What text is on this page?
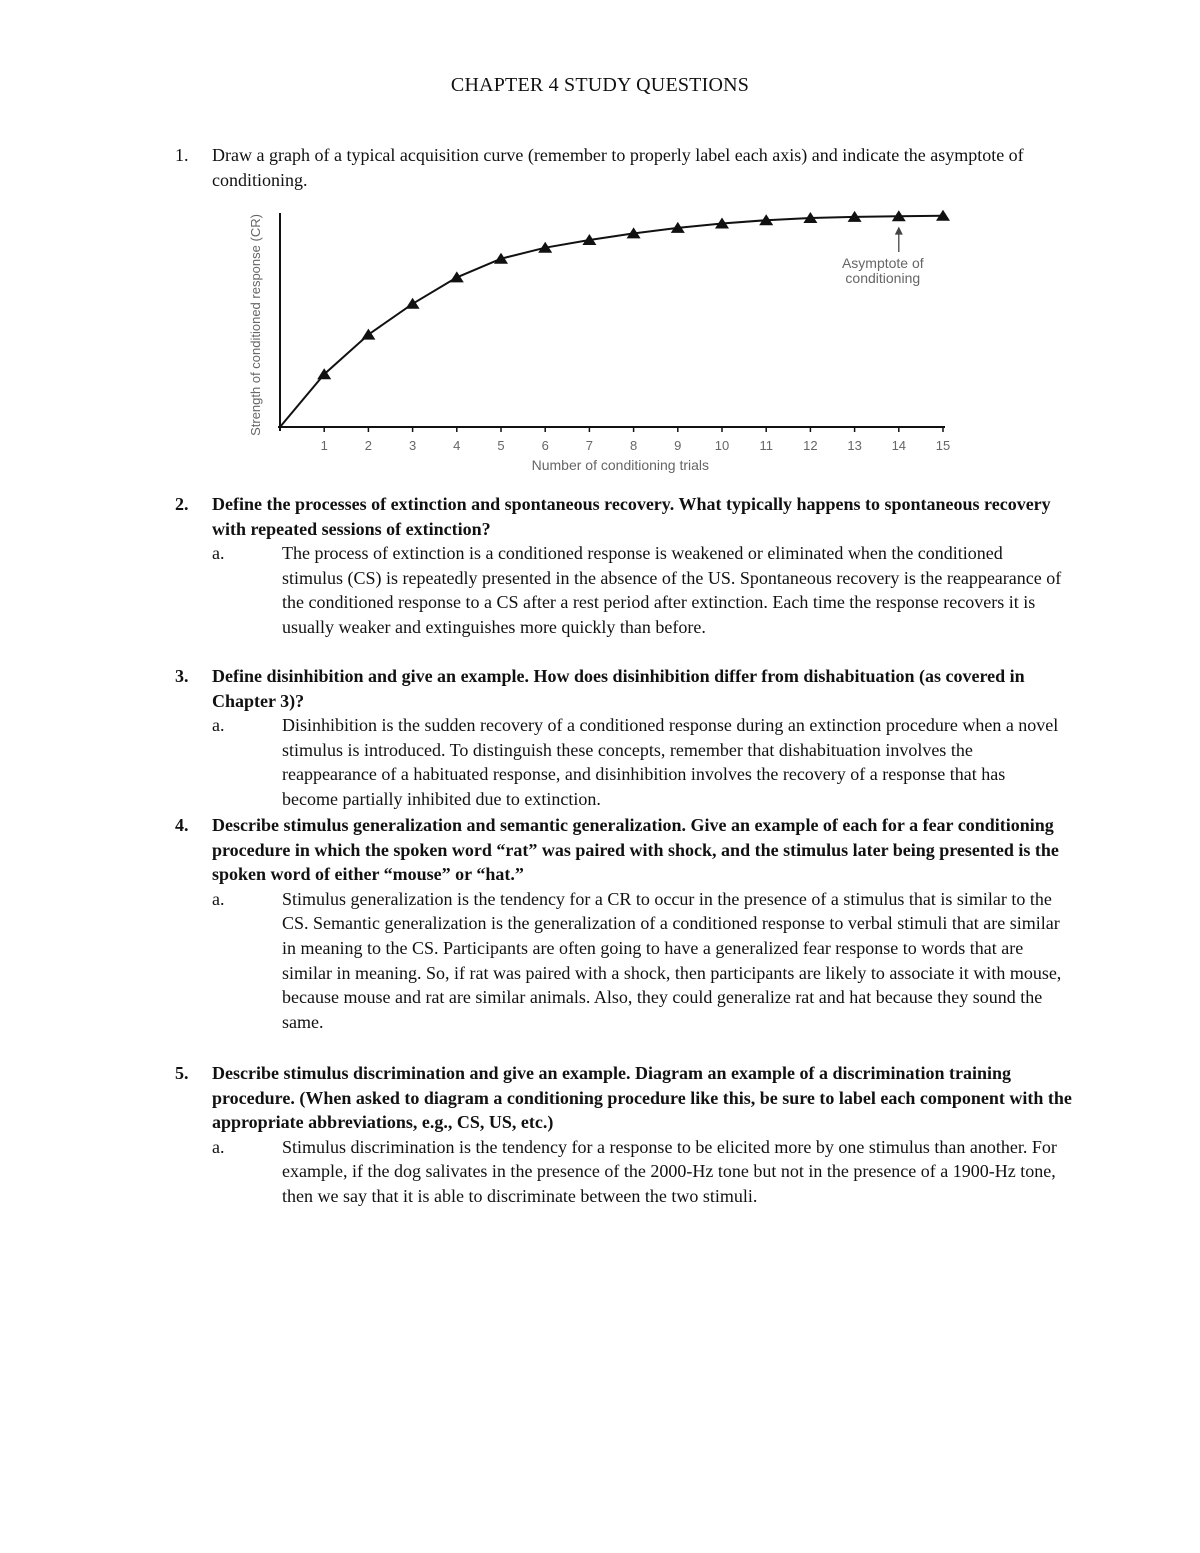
CHAPTER 4 STUDY QUESTIONS
1.	Draw a graph of a typical acquisition curve (remember to properly label each axis) and indicate the asymptote of conditioning.
1	2	3	4	5	6	7	8	9	10 11 12 13 14 15
Number of conditioning trials
Strength of conditioned response (CR)	Asymptote of
conditioning
2.	Define the processes of extinction and spontaneous recovery. What typically happens to spontaneous recovery with repeated sessions of extinction?
a.	The process of extinction is a conditioned response is weakened or eliminated when the conditioned stimulus (CS) is repeatedly presented in the absence of the US. Spontaneous recovery is the reappearance of the conditioned response to a CS after a rest period after extinction. Each time the response recovers it is usually weaker and extinguishes more quickly than before.
3.	Define disinhibition and give an example. How does disinhibition differ from dishabituation (as covered in Chapter 3)?
a.	Disinhibition is the sudden recovery of a conditioned response during an extinction procedure when a novel stimulus is introduced. To distinguish these concepts, remember that dishabituation involves the reappearance of a habituated response, and disinhibition involves the recovery of a response that has become partially inhibited due to extinction.
4.	Describe stimulus generalization and semantic generalization. Give an example of each for a fear conditioning procedure in which the spoken word “rat” was paired with shock, and the stimulus later being presented is the spoken word of either “mouse” or “hat.”
a.	Stimulus generalization is the tendency for a CR to occur in the presence of a stimulus that is similar to the CS. Semantic generalization is the generalization of a conditioned response to verbal stimuli that are similar in meaning to the CS. Participants are often going to have a generalized fear response to words that are similar in meaning. So, if rat was paired with a shock, then participants are likely to associate it with mouse, because mouse and rat are similar animals. Also, they could generalize rat and hat because they sound the same.
5.	Describe stimulus discrimination and give an example. Diagram an example of a discrimination training procedure. (When asked to diagram a conditioning procedure like this, be sure to label each component with the appropriate abbreviations, e.g., CS, US, etc.)
a.	Stimulus discrimination is the tendency for a response to be elicited more by one stimulus than another. For example, if the dog salivates in the presence of the 2000-Hz tone but not in the presence of a 1900-Hz tone, then we say that it is able to discriminate between the two stimuli.
